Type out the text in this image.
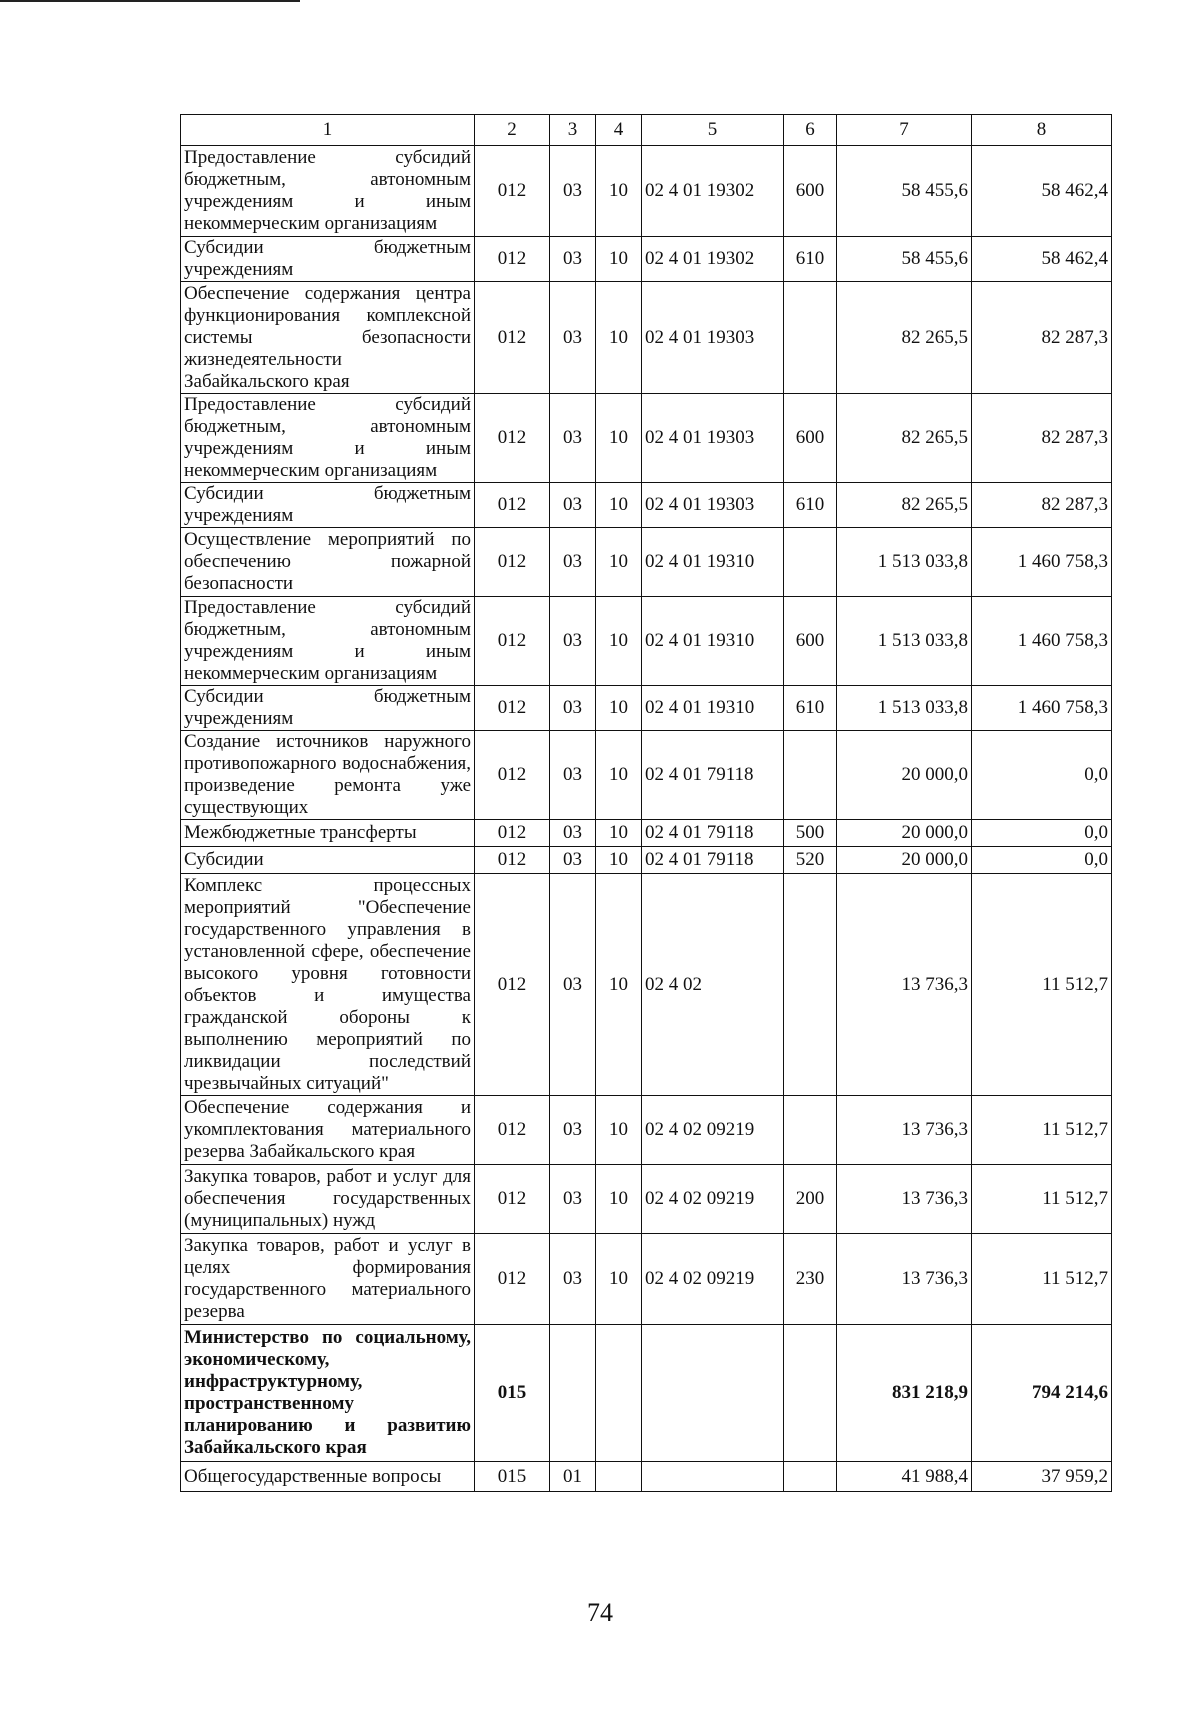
1	2	3	4	5	6	7	8
Предоставление субсидий бюджетным, автономным учреждениям и иным некоммерческим организациям	012	03	10	02 4 01 19302	600	58 455,6	58 462,4
Субсидии бюджетным учреждениям	012	03	10	02 4 01 19302	610	58 455,6	58 462,4
Обеспечение содержания центра функционирования комплексной системы безопасности жизнедеятельности Забайкальского края	012	03	10	02 4 01 19303		82 265,5	82 287,3
Предоставление субсидий бюджетным, автономным учреждениям и иным некоммерческим организациям	012	03	10	02 4 01 19303	600	82 265,5	82 287,3
Субсидии бюджетным учреждениям	012	03	10	02 4 01 19303	610	82 265,5	82 287,3
Осуществление мероприятий по обеспечению пожарной безопасности	012	03	10	02 4 01 19310		1 513 033,8	1 460 758,3
Предоставление субсидий бюджетным, автономным учреждениям и иным некоммерческим организациям	012	03	10	02 4 01 19310	600	1 513 033,8	1 460 758,3
Субсидии бюджетным учреждениям	012	03	10	02 4 01 19310	610	1 513 033,8	1 460 758,3
Создание источников наружного противопожарного водоснабжения, произведение ремонта уже существующих	012	03	10	02 4 01 79118		20 000,0	0,0
Межбюджетные трансферты	012	03	10	02 4 01 79118	500	20 000,0	0,0
Субсидии	012	03	10	02 4 01 79118	520	20 000,0	0,0
Комплекс процессных мероприятий "Обеспечение государственного управления в установленной сфере, обеспечение высокого уровня готовности объектов и имущества гражданской обороны к выполнению мероприятий по ликвидации последствий чрезвычайных ситуаций"	012	03	10	02 4 02		13 736,3	11 512,7
Обеспечение содержания и укомплектования материального резерва Забайкальского края	012	03	10	02 4 02 09219		13 736,3	11 512,7
Закупка товаров, работ и услуг для обеспечения государственных (муниципальных) нужд	012	03	10	02 4 02 09219	200	13 736,3	11 512,7
Закупка товаров, работ и услуг в целях формирования государственного материального резерва	012	03	10	02 4 02 09219	230	13 736,3	11 512,7
Министерство по социальному, экономическому, инфраструктурному, пространственному планированию и развитию Забайкальского края	015					831 218,9	794 214,6
Общегосударственные вопросы	015	01				41 988,4	37 959,2
74
